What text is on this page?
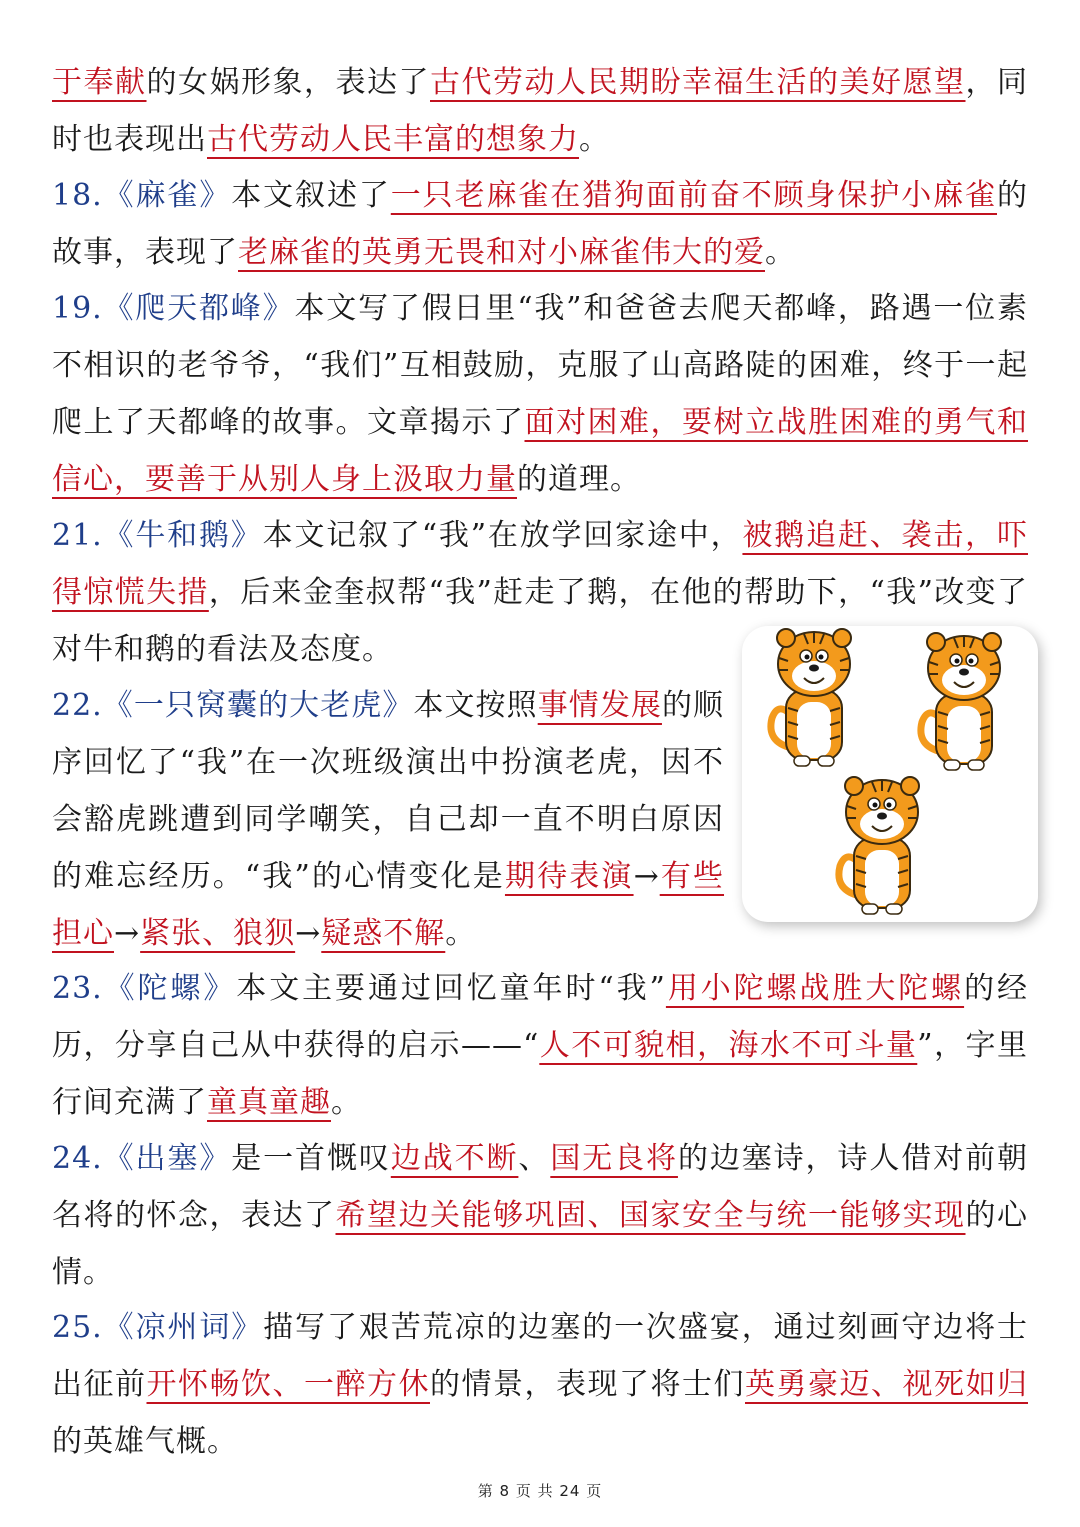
于奉献的女娲形象，表达了古代劳动人民期盼幸福生活的美好愿望，同时也表现出古代劳动人民丰富的想象力。

18.《麻雀》本文叙述了一只老麻雀在猎狗面前奋不顾身保护小麻雀的故事，表现了老麻雀的英勇无畏和对小麻雀伟大的爱。

19.《爬天都峰》本文写了假日里“我”和爸爸去爬天都峰，路遇一位素不相识的老爷爷，“我们”互相鼓励，克服了山高路陡的困难，终于一起爬上了天都峰的故事。文章揭示了面对困难，要树立战胜困难的勇气和信心，要善于从别人身上汲取力量的道理。

21.《牛和鹅》本文记叙了“我”在放学回家途中，被鹅追赶、袭击，吓得惊慌失措，后来金奎叔帮“我”赶走了鹅，在他的帮助下，“我”改变了对牛和鹅的看法及态度。

22.《一只窝囊的大老虎》本文按照事情发展的顺序回忆了“我”在一次班级演出中扮演老虎，因不会豁虎跳遭到同学嘲笑，自己却一直不明白原因的难忘经历。“我”的心情变化是期待表演→有些担心→紧张、狼狈→疑惑不解。

23.《陀螺》本文主要通过回忆童年时“我”用小陀螺战胜大陀螺的经历，分享自己从中获得的启示——“人不可貌相，海水不可斗量”，字里行间充满了童真童趣。

24.《出塞》是一首慨叹边战不断、国无良将的边塞诗，诗人借对前朝名将的怀念，表达了希望边关能够巩固、国家安全与统一能够实现的心情。

25.《凉州词》描写了艰苦荒凉的边塞的一次盛宴，通过刻画守边将士出征前开怀畅饮、一醉方休的情景，表现了将士们英勇豪迈、视死如归的英雄气概。

第 8 页 共 24 页
